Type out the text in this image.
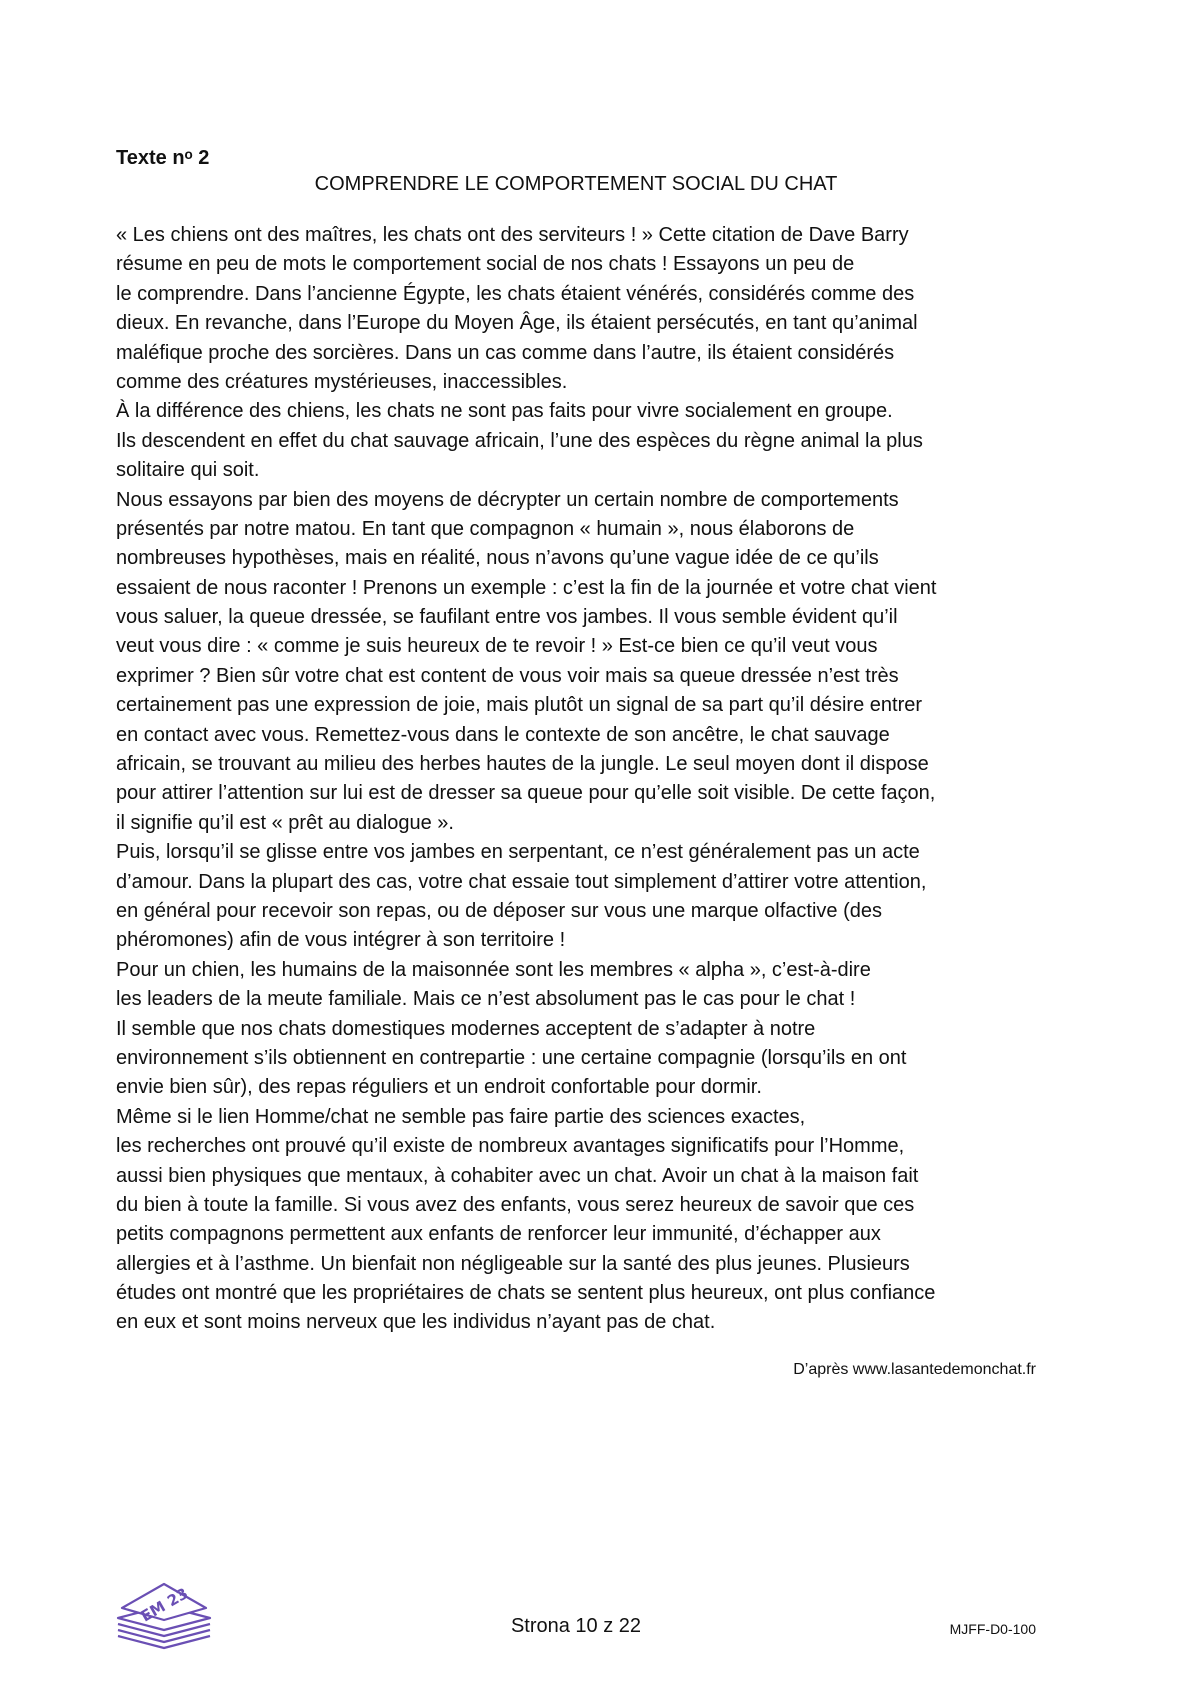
Texte nᵒ 2
COMPRENDRE LE COMPORTEMENT SOCIAL DU CHAT
« Les chiens ont des maîtres, les chats ont des serviteurs ! » Cette citation de Dave Barry
résume en peu de mots le comportement social de nos chats ! Essayons un peu de
le comprendre. Dans l’ancienne Égypte, les chats étaient vénérés, considérés comme des
dieux. En revanche, dans l’Europe du Moyen Âge, ils étaient persécutés, en tant qu’animal
maléfique proche des sorcières. Dans un cas comme dans l’autre, ils étaient considérés
comme des créatures mystérieuses, inaccessibles.
À la différence des chiens, les chats ne sont pas faits pour vivre socialement en groupe.
Ils descendent en effet du chat sauvage africain, l’une des espèces du règne animal la plus
solitaire qui soit.
Nous essayons par bien des moyens de décrypter un certain nombre de comportements
présentés par notre matou. En tant que compagnon « humain », nous élaborons de
nombreuses hypothèses, mais en réalité, nous n’avons qu’une vague idée de ce qu’ils
essaient de nous raconter ! Prenons un exemple : c’est la fin de la journée et votre chat vient
vous saluer, la queue dressée, se faufilant entre vos jambes. Il vous semble évident qu’il
veut vous dire : « comme je suis heureux de te revoir ! » Est-ce bien ce qu’il veut vous
exprimer ? Bien sûr votre chat est content de vous voir mais sa queue dressée n’est très
certainement pas une expression de joie, mais plutôt un signal de sa part qu’il désire entrer
en contact avec vous. Remettez-vous dans le contexte de son ancêtre, le chat sauvage
africain, se trouvant au milieu des herbes hautes de la jungle. Le seul moyen dont il dispose
pour attirer l’attention sur lui est de dresser sa queue pour qu’elle soit visible. De cette façon,
il signifie qu’il est « prêt au dialogue ».
Puis, lorsqu’il se glisse entre vos jambes en serpentant, ce n’est généralement pas un acte
d’amour. Dans la plupart des cas, votre chat essaie tout simplement d’attirer votre attention,
en général pour recevoir son repas, ou de déposer sur vous une marque olfactive (des
phéromones) afin de vous intégrer à son territoire !
Pour un chien, les humains de la maisonnée sont les membres « alpha », c’est-à-dire
les leaders de la meute familiale. Mais ce n’est absolument pas le cas pour le chat !
Il semble que nos chats domestiques modernes acceptent de s’adapter à notre
environnement s’ils obtiennent en contrepartie : une certaine compagnie (lorsqu’ils en ont
envie bien sûr), des repas réguliers et un endroit confortable pour dormir.
Même si le lien Homme/chat ne semble pas faire partie des sciences exactes,
les recherches ont prouvé qu’il existe de nombreux avantages significatifs pour l’Homme,
aussi bien physiques que mentaux, à cohabiter avec un chat. Avoir un chat à la maison fait
du bien à toute la famille. Si vous avez des enfants, vous serez heureux de savoir que ces
petits compagnons permettent aux enfants de renforcer leur immunité, d’échapper aux
allergies et à l’asthme. Un bienfait non négligeable sur la santé des plus jeunes. Plusieurs
études ont montré que les propriétaires de chats se sentent plus heureux, ont plus confiance
en eux et sont moins nerveux que les individus n’ayant pas de chat.
D’après www.lasantedemonchat.fr
EM 23
Strona 10 z 22	MJFF-D0-100
